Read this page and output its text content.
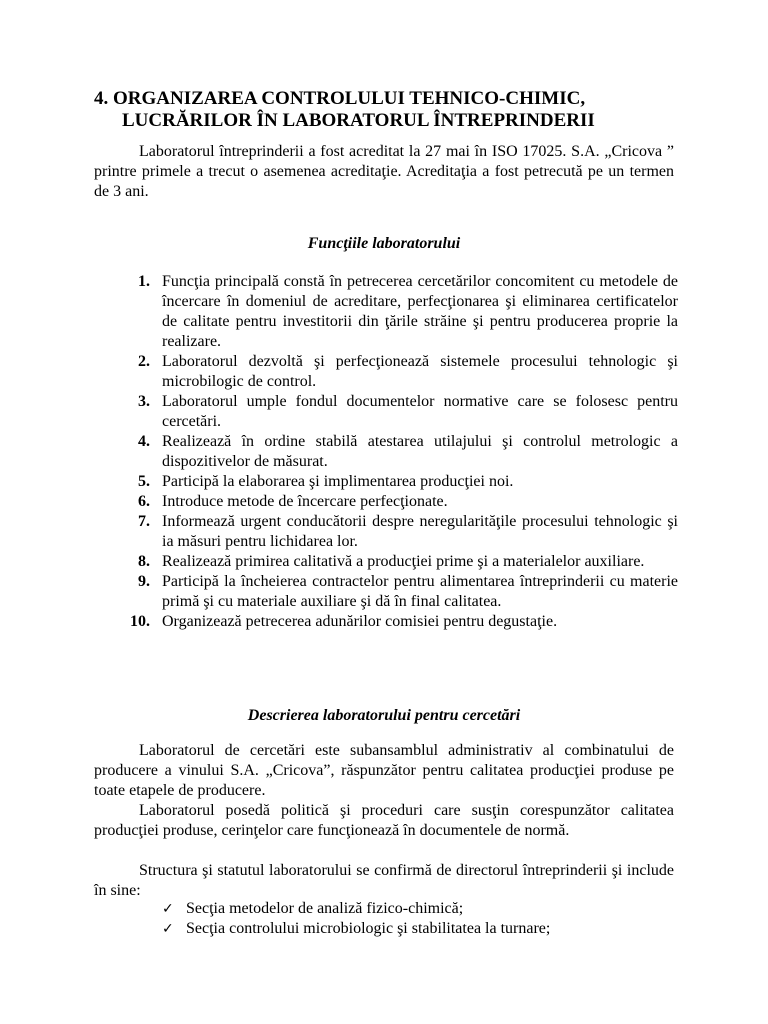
4. ORGANIZAREA CONTROLULUI TEHNICO-CHIMIC,
LUCRĂRILOR ÎN LABORATORUL ÎNTREPRINDERII

Laboratorul întreprinderii a fost acreditat la 27 mai în ISO 17025. S.A. „Cricova ” printre primele a trecut o asemenea acreditaţie. Acreditaţia a fost petrecută pe un termen de 3 ani.

Funcţiile laboratorului
1. Funcţia principală constă în petrecerea cercetărilor concomitent cu metodele de încercare în domeniul de acreditare, perfecţionarea şi eliminarea certificatelor de calitate pentru investitorii din ţările străine şi pentru producerea proprie la realizare.
2. Laboratorul dezvoltă şi perfecţionează sistemele procesului tehnologic şi microbilogic de control.
3. Laboratorul umple fondul documentelor normative care se folosesc pentru cercetări.
4. Realizează în ordine stabilă atestarea utilajului şi controlul metrologic a dispozitivelor de măsurat.
5. Participă la elaborarea şi implimentarea producţiei noi.
6. Introduce metode de încercare perfecţionate.
7. Informează urgent conducătorii despre neregularităţile procesului tehnologic şi ia măsuri pentru lichidarea lor.
8. Realizează primirea calitativă a producţiei prime şi a materialelor auxiliare.
9. Participă la încheierea contractelor pentru alimentarea întreprinderii cu materie primă şi cu materiale auxiliare şi dă în final calitatea.
10. Organizează petrecerea adunărilor comisiei pentru degustaţie.
Descrierea laboratorului pentru cercetări

Laboratorul de cercetări este subansamblul administrativ al combinatului de producere a vinului S.A. „Cricova”, răspunzător pentru calitatea producţiei produse pe toate etapele de producere.

Laboratorul posedă politică şi proceduri care susţin corespunzător calitatea producţiei produse, cerinţelor care funcţionează în documentele de normă.

Structura şi statutul laboratorului se confirmă de directorul întreprinderii şi include în sine:

✓ Secţia metodelor de analiză fizico-chimică;
✓ Secţia controlului microbiologic şi stabilitatea la turnare;
